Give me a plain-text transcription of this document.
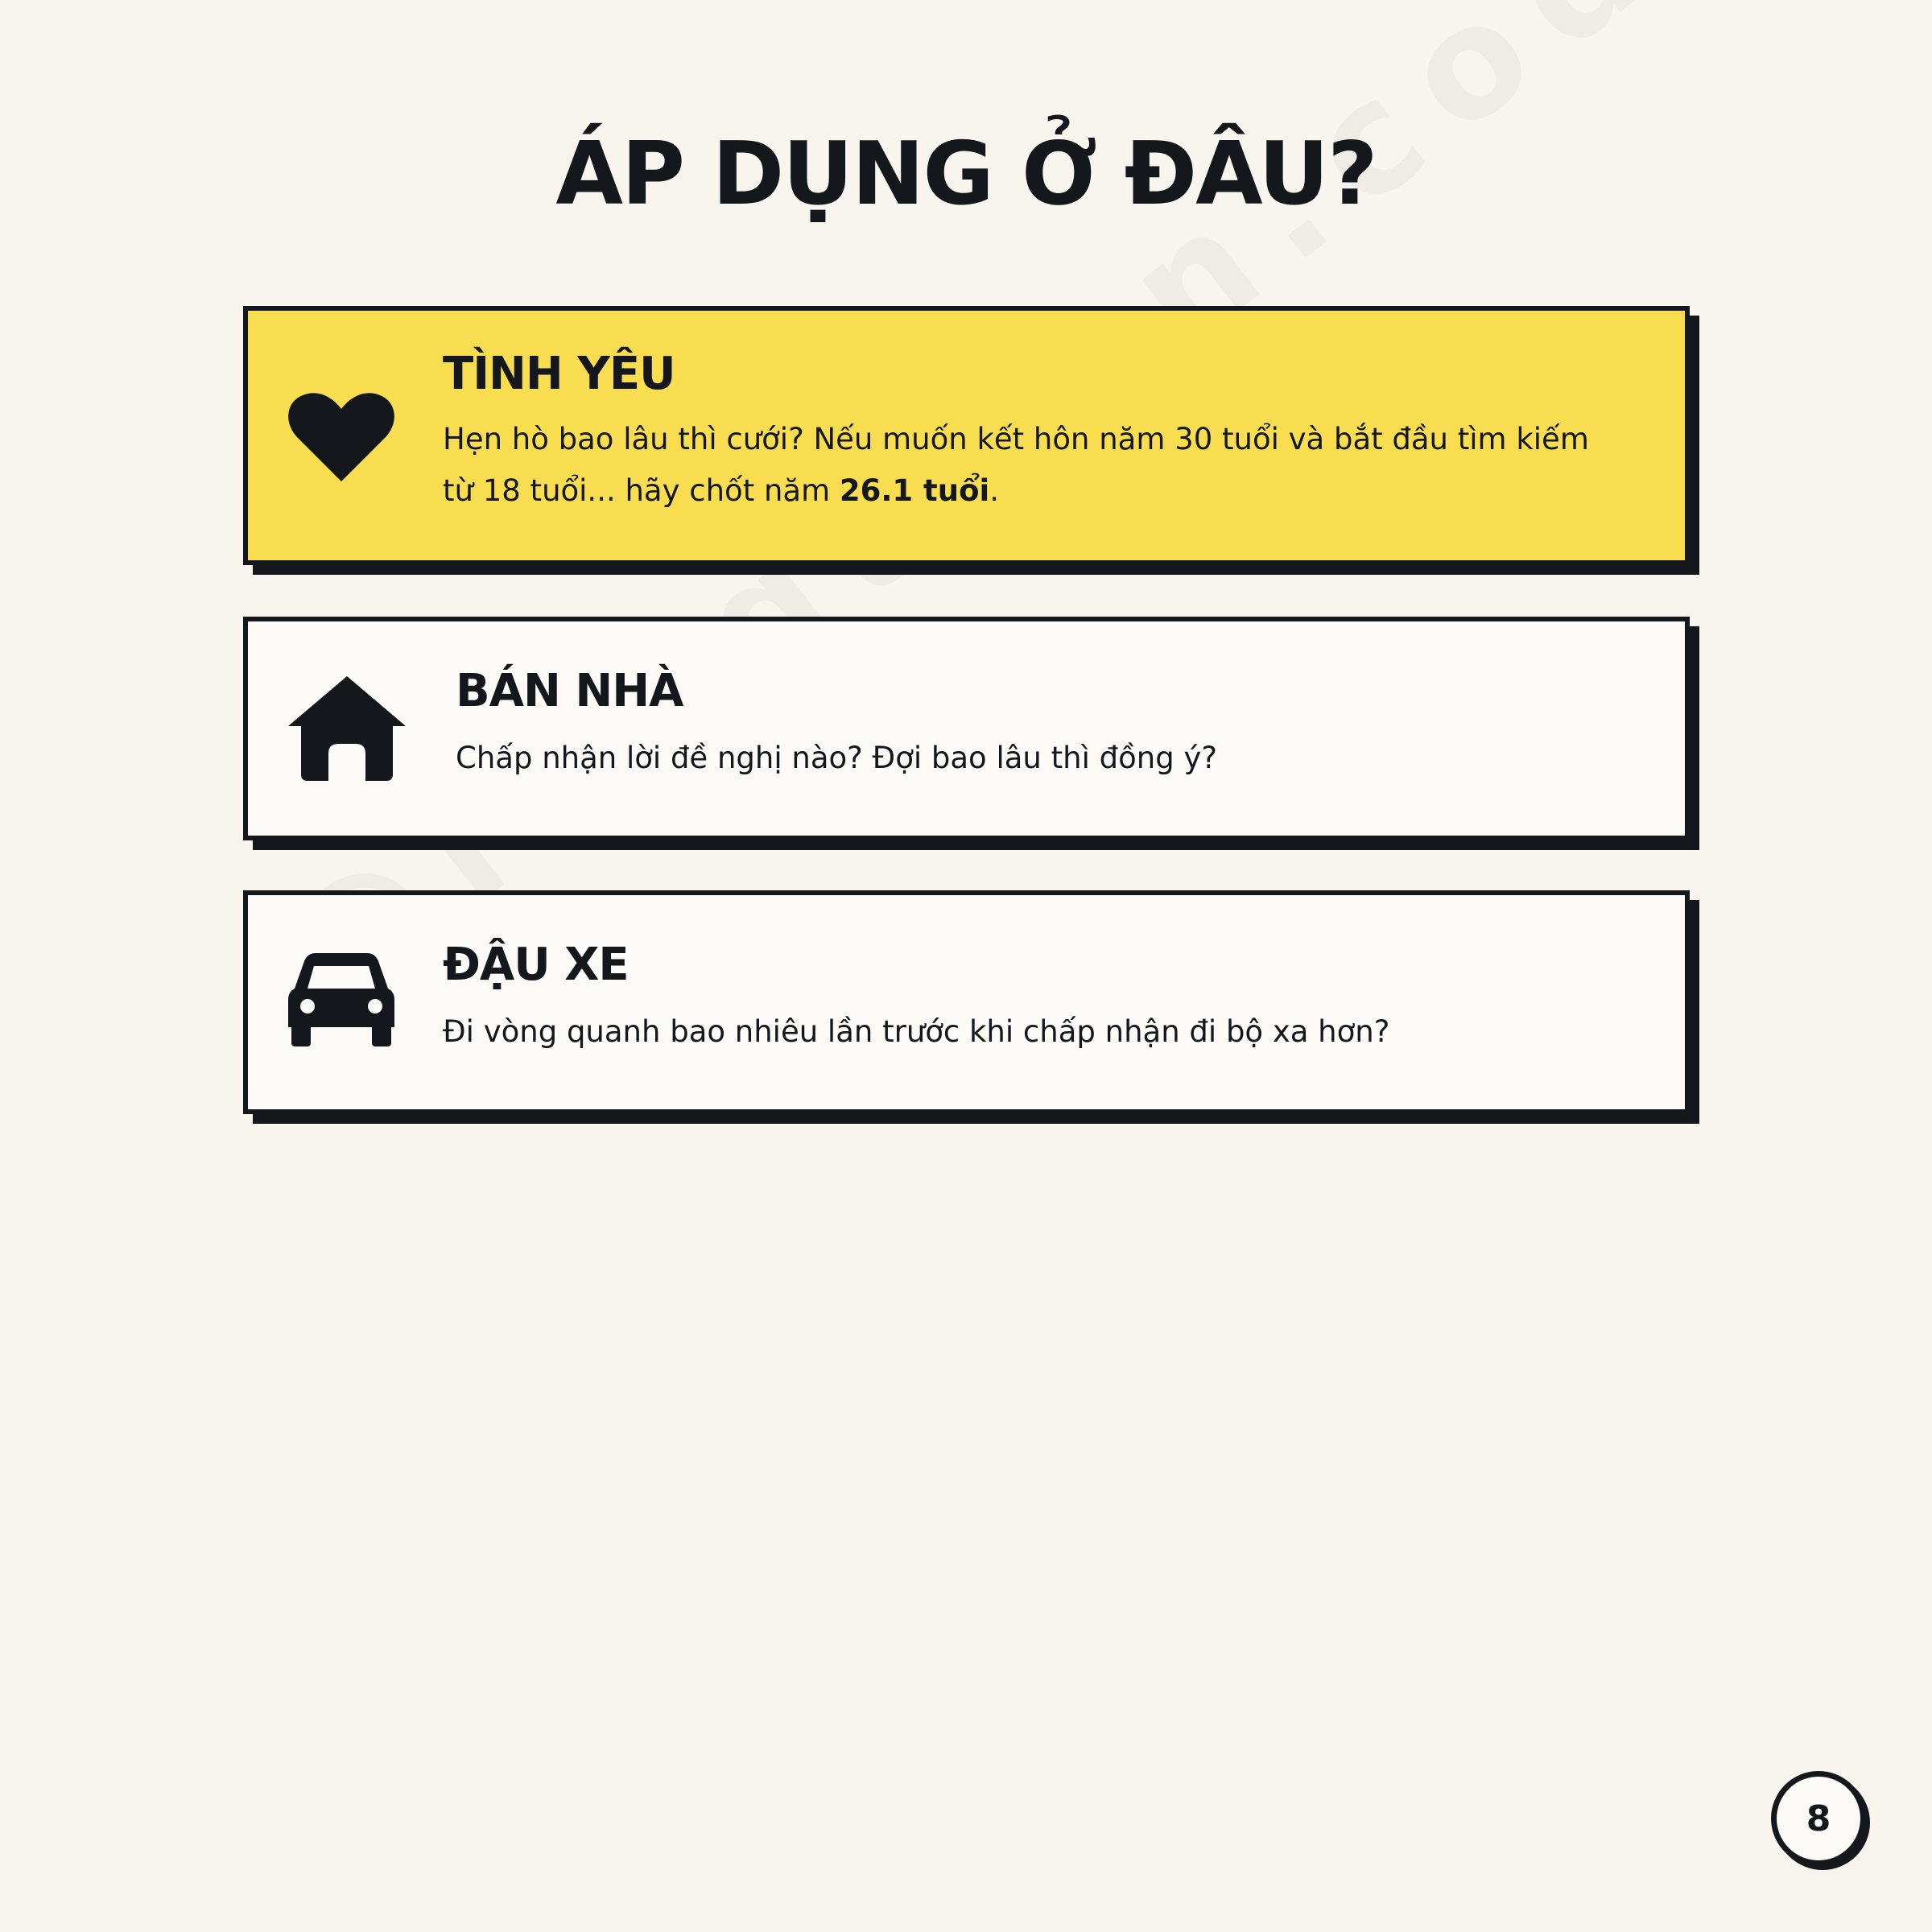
ÁP DỤNG Ở ĐÂU?
TÌNH YÊU

Hẹn hò bao lâu thì cưới? Nếu muốn kết hôn năm 30 tuổi và bắt đầu tìm kiếm từ 18 tuổi... hãy chốt năm 26.1 tuổi.

BÁN NHÀ

Chấp nhận lời đề nghị nào? Đợi bao lâu thì đồng ý?

ĐẬU XE

Đi vòng quanh bao nhiêu lần trước khi chấp nhận đi bộ xa hơn?

8
